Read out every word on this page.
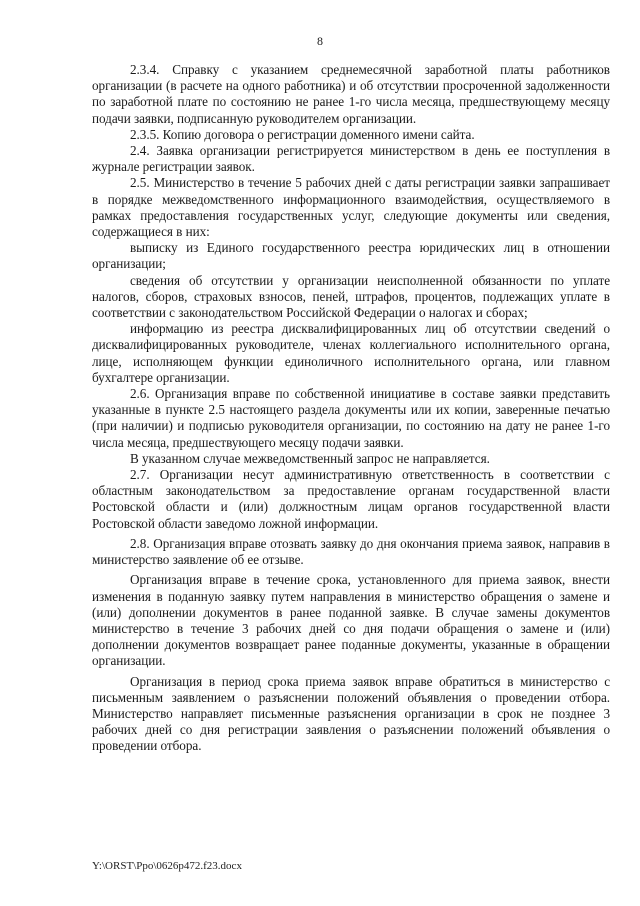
8

2.3.4. Справку с указанием среднемесячной заработной платы работников организации (в расчете на одного работника) и об отсутствии просроченной задолженности по заработной плате по состоянию не ранее 1-го числа месяца, предшествующему месяцу подачи заявки, подписанную руководителем организации.

2.3.5. Копию договора о регистрации доменного имени сайта.

2.4. Заявка организации регистрируется министерством в день ее поступления в журнале регистрации заявок.

2.5. Министерство в течение 5 рабочих дней с даты регистрации заявки запрашивает в порядке межведомственного информационного взаимодействия, осуществляемого в рамках предоставления государственных услуг, следующие документы или сведения, содержащиеся в них:

выписку из Единого государственного реестра юридических лиц в отношении организации;

сведения об отсутствии у организации неисполненной обязанности по уплате налогов, сборов, страховых взносов, пеней, штрафов, процентов, подлежащих уплате в соответствии с законодательством Российской Федерации о налогах и сборах;

информацию из реестра дисквалифицированных лиц об отсутствии сведений о дисквалифицированных руководителе, членах коллегиального исполнительного органа, лице, исполняющем функции единоличного исполнительного органа, или главном бухгалтере организации.

2.6. Организация вправе по собственной инициативе в составе заявки представить указанные в пункте 2.5 настоящего раздела документы или их копии, заверенные печатью (при наличии) и подписью руководителя организации, по состоянию на дату не ранее 1-го числа месяца, предшествующего месяцу подачи заявки.

В указанном случае межведомственный запрос не направляется.

2.7. Организации несут административную ответственность в соответствии с областным законодательством за предоставление органам государственной власти Ростовской области и (или) должностным лицам органов государственной власти Ростовской области заведомо ложной информации.

2.8. Организация вправе отозвать заявку до дня окончания приема заявок, направив в министерство заявление об ее отзыве.

Организация вправе в течение срока, установленного для приема заявок, внести изменения в поданную заявку путем направления в министерство обращения о замене и (или) дополнении документов в ранее поданной заявке. В случае замены документов министерство в течение 3 рабочих дней со дня подачи обращения о замене и (или) дополнении документов возвращает ранее поданные документы, указанные в обращении организации.

Организация в период срока приема заявок вправе обратиться в министерство с письменным заявлением о разъяснении положений объявления о проведении отбора. Министерство направляет письменные разъяснения организации в срок не позднее 3 рабочих дней со дня регистрации заявления о разъяснении положений объявления о проведении отбора.

Y:\ORST\Ppo\0626p472.f23.docx
